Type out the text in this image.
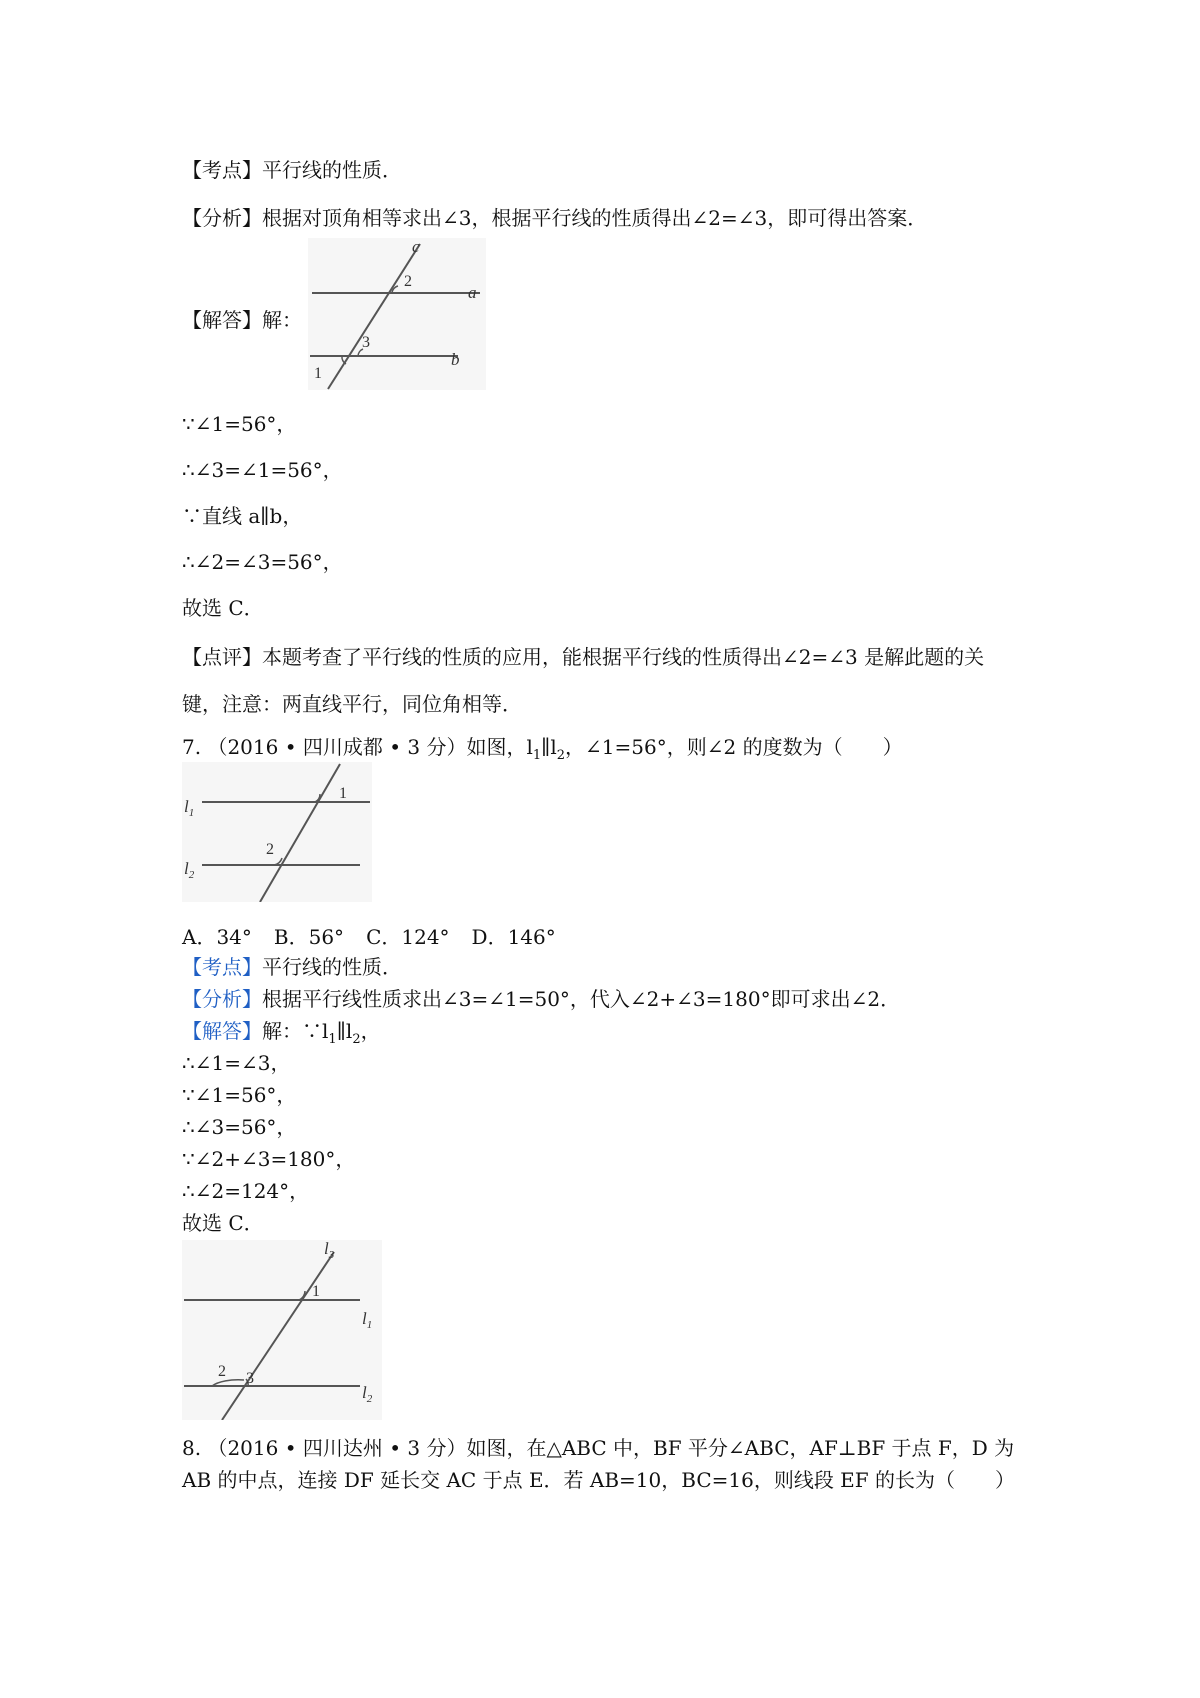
【考点】平行线的性质．
【分析】根据对顶角相等求出∠3，根据平行线的性质得出∠2=∠3，即可得出答案．
【解答】解：
c
a
b
2
3
1
∵∠1=56°，
∴∠3=∠1=56°，
∵直线 a∥b，
∴∠2=∠3=56°，
故选 C．
【点评】本题考查了平行线的性质的应用，能根据平行线的性质得出∠2=∠3 是解此题的关
键，注意：两直线平行，同位角相等．
7. （2016 • 四川成都 • 3 分）如图，$l_1\parallel l_2$，∠1=56°，则∠2 的度数为（　　）
$l_1$
$l_2$
1
2
A．34° B．56° C．124° D．146°
【考点】平行线的性质．
【分析】根据平行线性质求出∠3=∠1=50°，代入∠2+∠3=180°即可求出∠2．
【解答】解：$\because l_1\parallel l_2$，
∴∠1=∠3，
∵∠1=56°，
∴∠3=56°，
∵∠2+∠3=180°，
∴∠2=124°，
故选 C．
$l_3$
$l_1$
$l_2$
1
2 3
8. （2016 • 四川达州 • 3 分）如图，在△ABC 中，BF 平分∠ABC，AF⊥BF 于点 F，D 为
AB 的中点，连接 DF 延长交 AC 于点 E．若 AB=10，BC=16，则线段 EF 的长为（　　）
